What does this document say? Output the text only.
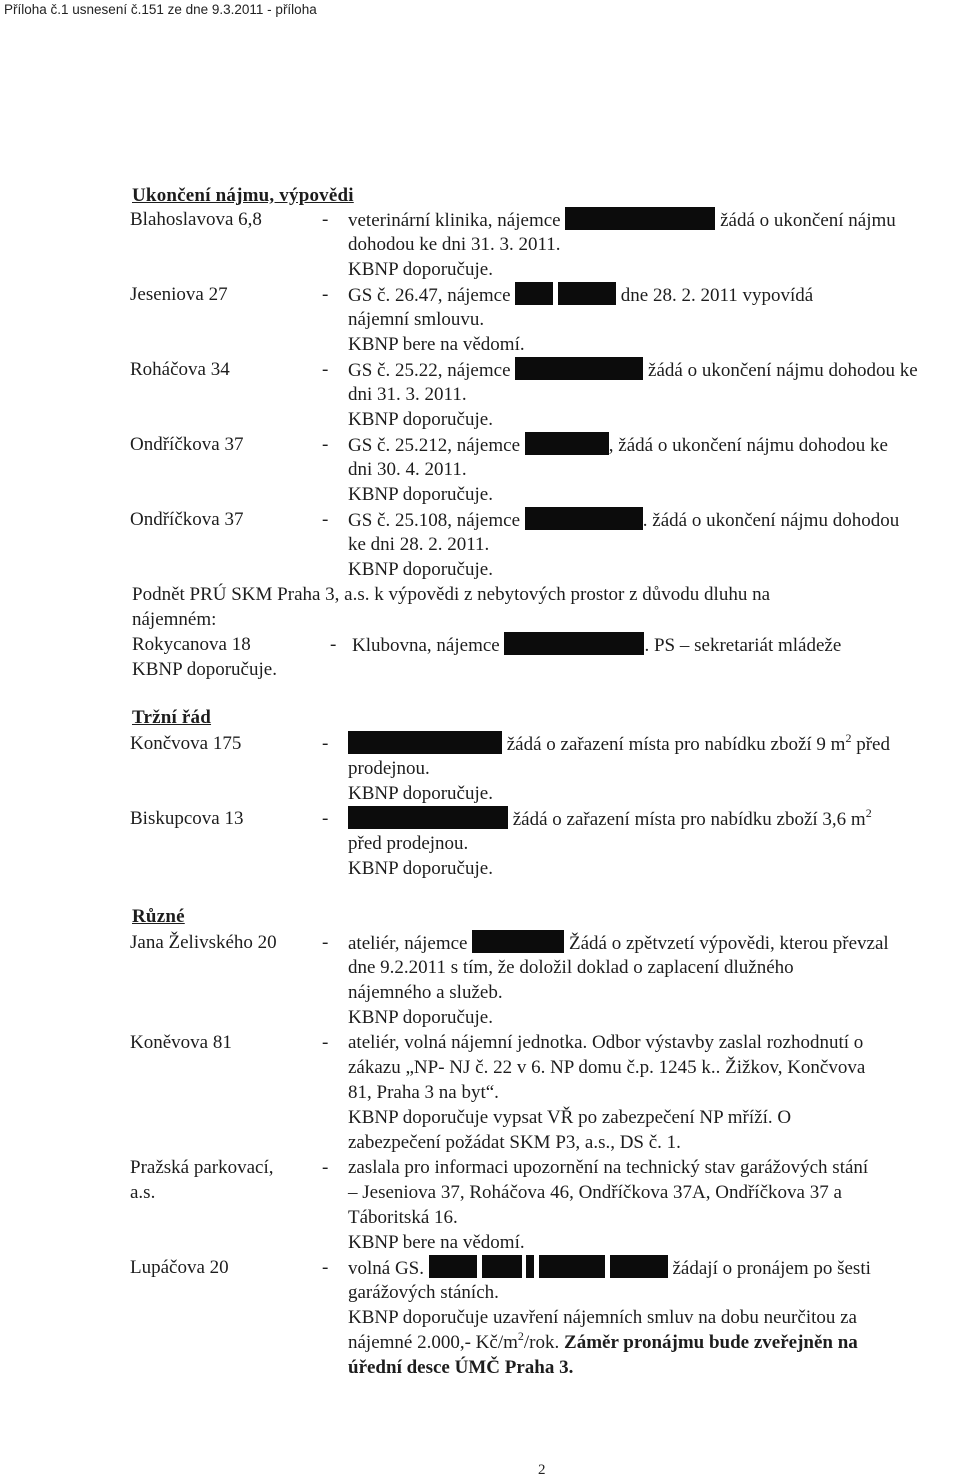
Příloha č.1 usnesení č.151 ze dne 9.3.2011 - příloha
Ukončení nájmu, výpovědi
Blahoslavova 6,8	- veterinární klinika, nájemce	žádá o ukončení nájmu
dohodou ke dni 31. 3. 2011.
KBNP doporučuje.
Jeseniova 27	- GS č. 26.47, nájemce	dne 28. 2. 2011 vypovídá
nájemní smlouvu.
KBNP bere na vědomí.
Roháčova 34	- GS č. 25.22, nájemce	žádá o ukončení nájmu dohodou ke
dni 31. 3. 2011.
KBNP doporučuje.
Ondříčkova 37	- GS č. 25.212, nájemce	, žádá o ukončení nájmu dohodou ke
dni 30. 4. 2011.
KBNP doporučuje.
Ondříčkova 37	- GS č. 25.108, nájemce	. žádá o ukončení nájmu dohodou
ke dni 28. 2. 2011.
KBNP doporučuje.
Podnět PRÚ SKM Praha 3, a.s. k výpovědi z nebytových prostor z důvodu dluhu na
nájemném:
Rokycanova 18	- Klubovna, nájemce	. PS – sekretariát mládeže
KBNP doporučuje.
Tržní řád
Končvova 175	-	žádá o zařazení místa pro nabídku zboží 9 $m^2$ před
prodejnou.
KBNP doporučuje.
Biskupcova 13	-	žádá o zařazení místa pro nabídku zboží 3,6 $m^2$
před prodejnou.
KBNP doporučuje.
Různé
Jana Želivského 20 - ateliér, nájemce	Žádá o zpětvzetí výpovědi, kterou převzal
dne 9.2.2011 s tím, že doložil doklad o zaplacení dlužného
nájemného a služeb.
KBNP doporučuje.
Koněvova 81	- ateliér, volná nájemní jednotka. Odbor výstavby zaslal rozhodnutí o
zákazu „NP- NJ č. 22 v 6. NP domu č.p. 1245 k.. Žižkov, Končvova
81, Praha 3 na byt“.
KBNP doporučuje vypsat VŘ po zabezpečení NP mříží. O
zabezpečení požádat SKM P3, a.s., DS č. 1.
Pražská parkovací,
a.s.
- zaslala pro informaci upozornění na technický stav garážových stání
– Jeseniova 37, Roháčova 46, Ondříčkova 37A, Ondříčkova 37 a
Táboritská 16.
KBNP bere na vědomí.
Lupáčova 20	- volná GS.	žádají o pronájem po šesti
garážových stáních.
KBNP doporučuje uzavření nájemních smluv na dobu neurčitou za
nájemné 2.000,- $Kč/m^2$/rok. Záměr pronájmu bude zveřejněn na
úřední desce ÚMČ Praha 3.
2
